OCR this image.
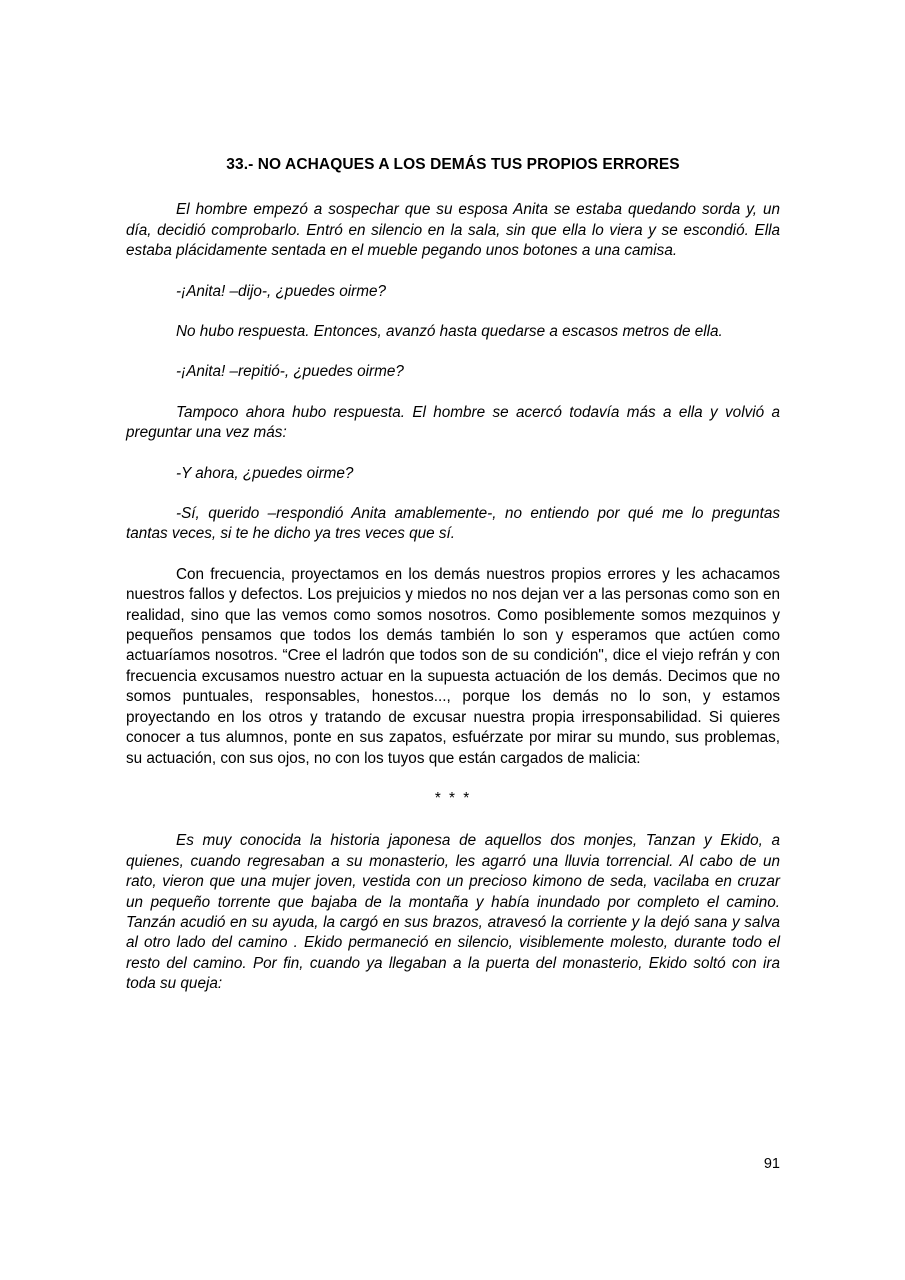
33.- NO ACHAQUES A LOS DEMÁS TUS PROPIOS ERRORES

El hombre empezó a sospechar que su esposa Anita se estaba quedando sorda y, un día, decidió comprobarlo. Entró en silencio en la sala, sin que ella lo viera y se escondió. Ella estaba plácidamente sentada en el mueble pegando unos botones a una camisa.

-¡Anita! –dijo-, ¿puedes oirme?

No hubo respuesta. Entonces, avanzó hasta quedarse a escasos metros de ella.

-¡Anita! –repitió-, ¿puedes oirme?

Tampoco ahora hubo respuesta. El hombre se acercó todavía más a ella y volvió a preguntar una vez más:

-Y ahora, ¿puedes oirme?

-Sí, querido –respondió Anita amablemente-, no entiendo por qué me lo preguntas tantas veces, si te he dicho ya tres veces que sí.

Con frecuencia, proyectamos en los demás nuestros propios errores y les achacamos nuestros fallos y defectos. Los prejuicios y miedos no nos dejan ver a las personas como son en realidad, sino que las vemos como somos nosotros. Como posiblemente somos mezquinos y pequeños pensamos que todos los demás también lo son y esperamos que actúen como actuaríamos nosotros. “Cree el ladrón que todos son de su condición", dice el viejo refrán y con frecuencia excusamos nuestro actuar en la supuesta actuación de los demás. Decimos que no somos puntuales, responsables, honestos..., porque los demás no lo son, y estamos proyectando en los otros y tratando de excusar nuestra propia irresponsabilidad. Si quieres conocer a tus alumnos, ponte en sus zapatos, esfuérzate por mirar su mundo, sus problemas, su actuación, con sus ojos, no con los tuyos que están cargados de malicia:

* * *

Es muy conocida la historia japonesa de aquellos dos monjes, Tanzan y Ekido, a quienes, cuando regresaban a su monasterio, les agarró una lluvia torrencial. Al cabo de un rato, vieron que una mujer joven, vestida con un precioso kimono de seda, vacilaba en cruzar un pequeño torrente que bajaba de la montaña y había inundado por completo el camino. Tanzán acudió en su ayuda, la cargó en sus brazos, atravesó la corriente y la dejó sana y salva al otro lado del camino . Ekido permaneció en silencio, visiblemente molesto, durante todo el resto del camino. Por fin, cuando ya llegaban a la puerta del monasterio, Ekido soltó con ira toda su queja:

91
